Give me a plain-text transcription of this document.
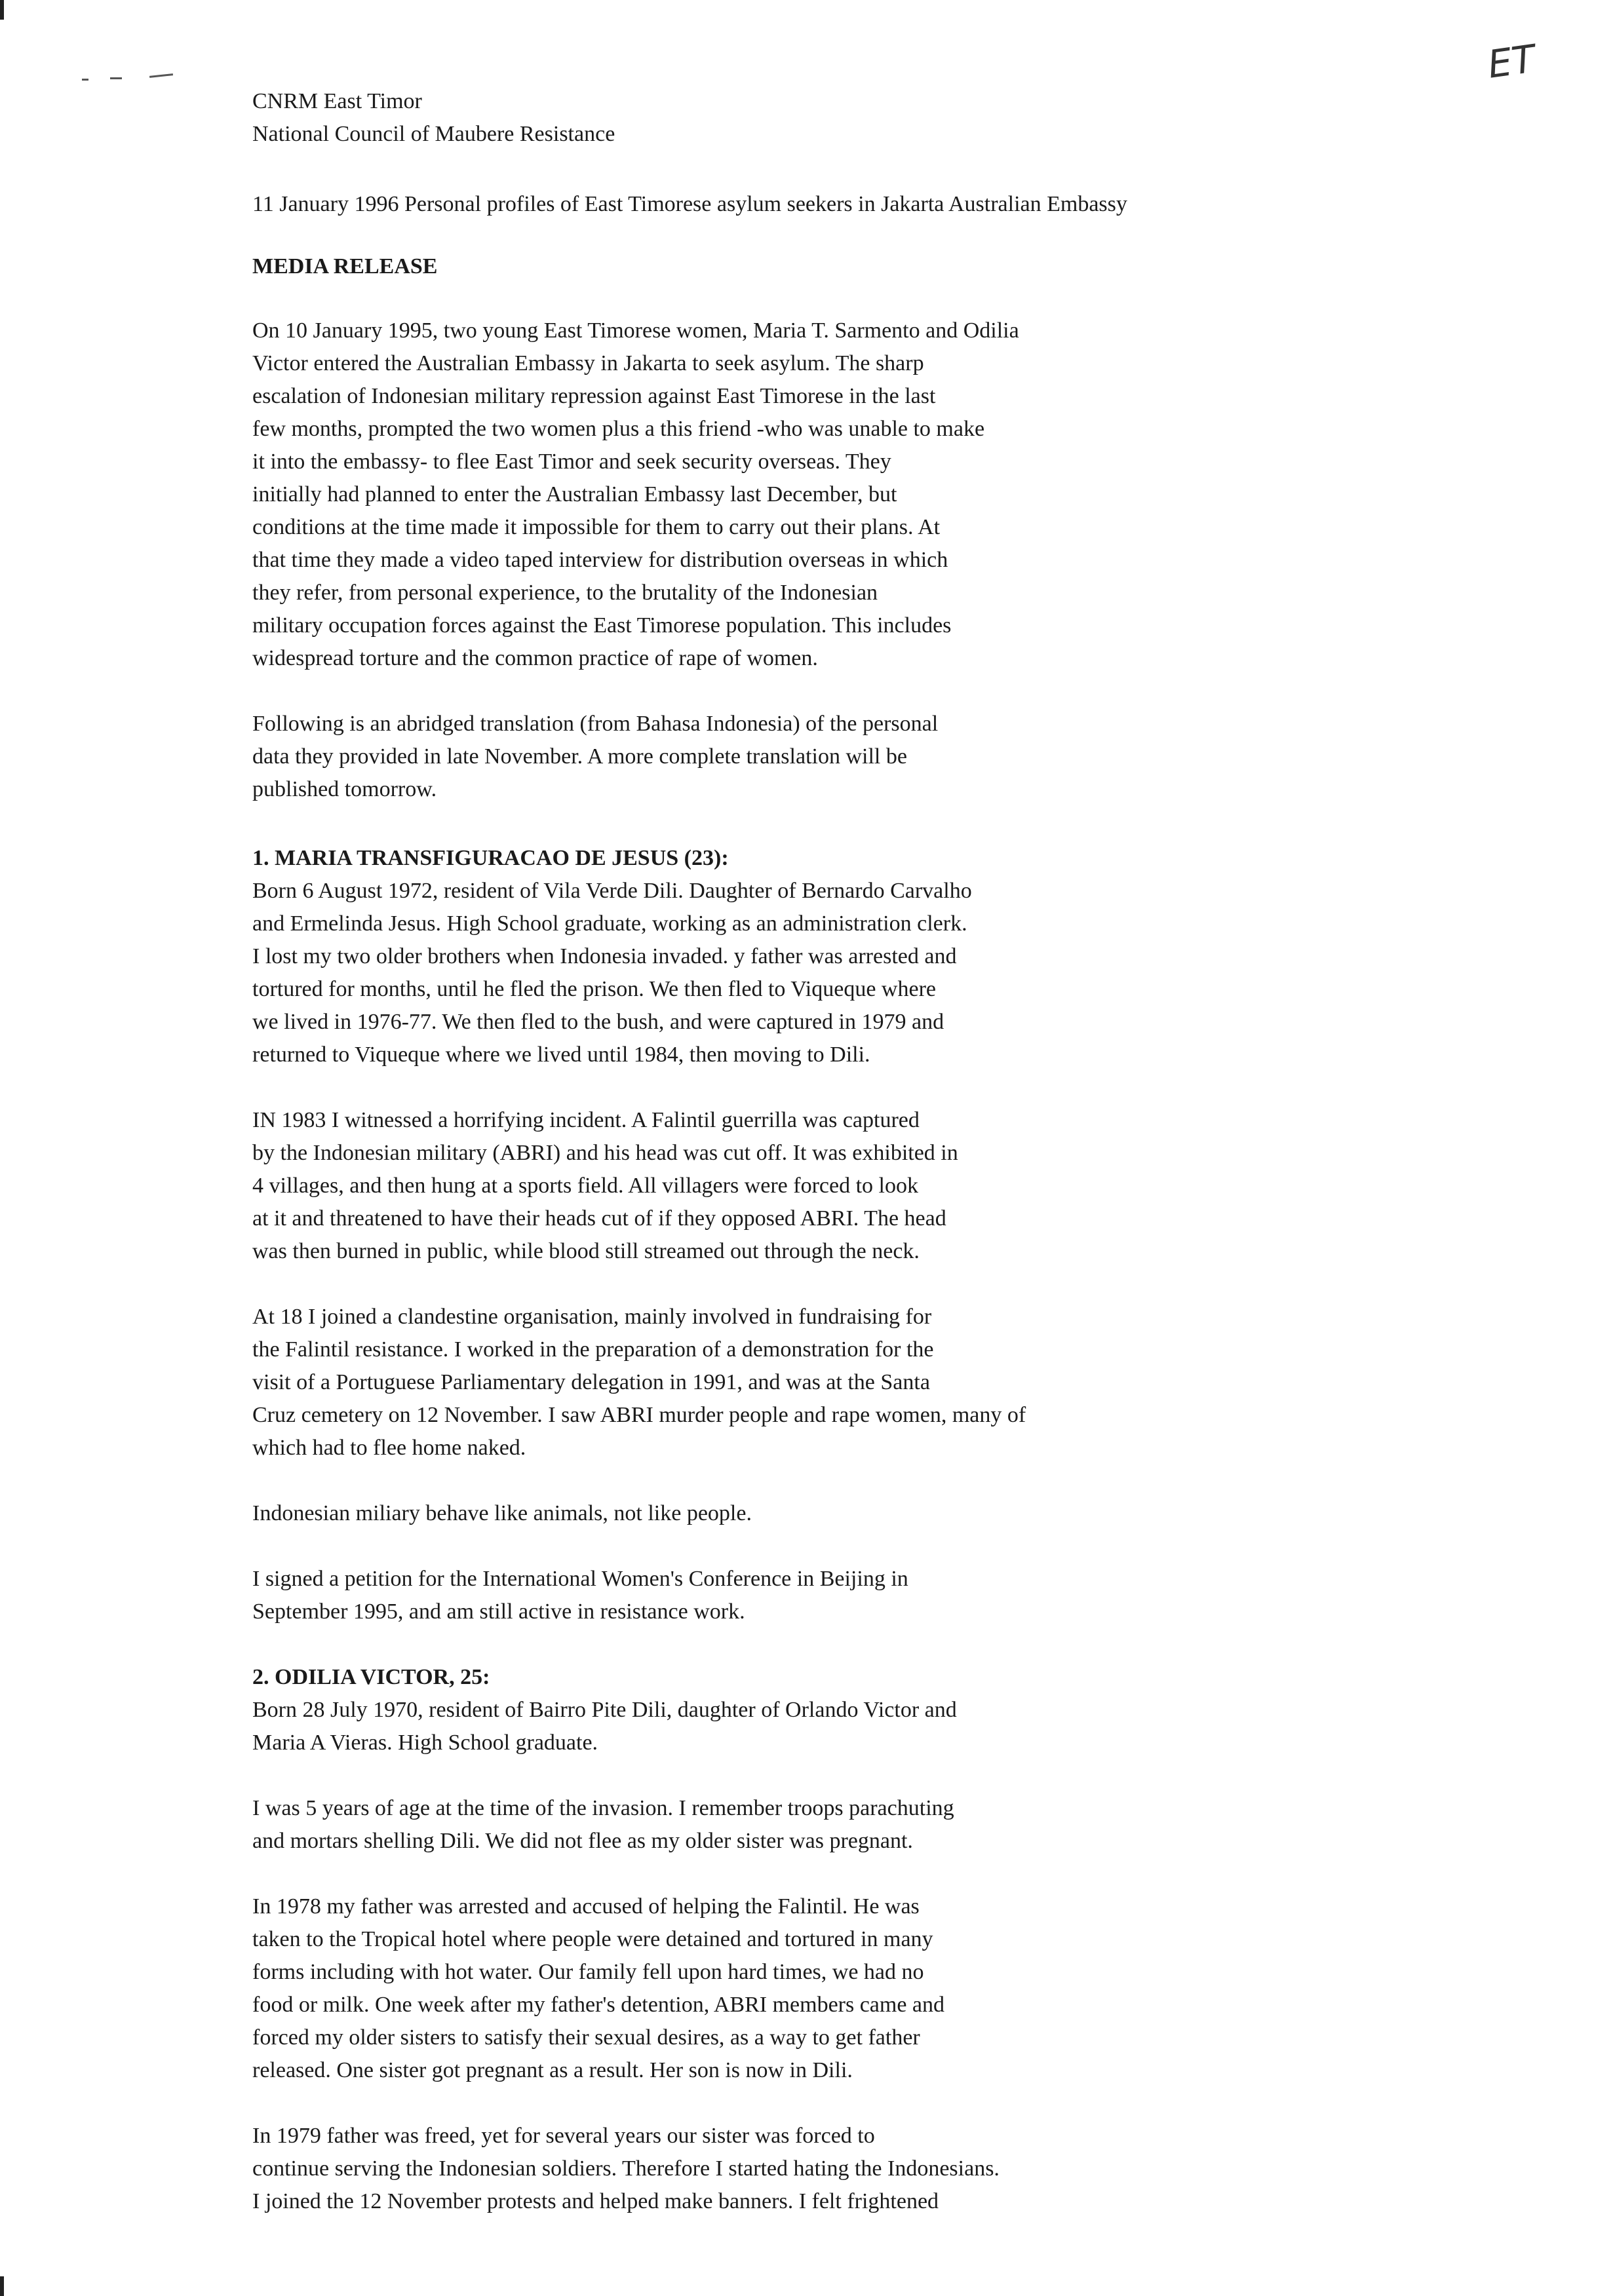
ET

CNRM East Timor

National Council of Maubere Resistance

11 January 1996 Personal profiles of East Timorese asylum seekers in Jakarta Australian Embassy

MEDIA RELEASE

On 10 January 1995, two young East Timorese women, Maria T. Sarmento and Odilia

Victor entered the Australian Embassy in Jakarta to seek asylum. The sharp

escalation of Indonesian military repression against East Timorese in the last

few months, prompted the two women plus a this friend -who was unable to make

it into the embassy- to flee East Timor and seek security overseas. They

initially had planned to enter the Australian Embassy last December, but

conditions at the time made it impossible for them to carry out their plans. At

that time they made a video taped interview for distribution overseas in which

they refer, from personal experience, to the brutality of the Indonesian

military occupation forces against the East Timorese population. This includes

widespread torture and the common practice of rape of women.

Following is an abridged translation (from Bahasa Indonesia) of the personal

data they provided in late November. A more complete translation will be

published tomorrow.

1. MARIA TRANSFIGURACAO DE JESUS (23):

Born 6 August 1972, resident of Vila Verde Dili. Daughter of Bernardo Carvalho

and Ermelinda Jesus. High School graduate, working as an administration clerk.

I lost my two older brothers when Indonesia invaded. y father was arrested and

tortured for months, until he fled the prison. We then fled to Viqueque where

we lived in 1976-77. We then fled to the bush, and were captured in 1979 and

returned to Viqueque where we lived until 1984, then moving to Dili.

IN 1983 I witnessed a horrifying incident. A Falintil guerrilla was captured

by the Indonesian military (ABRI) and his head was cut off. It was exhibited in

4 villages, and then hung at a sports field. All villagers were forced to look

at it and threatened to have their heads cut of if they opposed ABRI. The head

was then burned in public, while blood still streamed out through the neck.

At 18 I joined a clandestine organisation, mainly involved in fundraising for

the Falintil resistance. I worked in the preparation of a demonstration for the

visit of a Portuguese Parliamentary delegation in 1991, and was at the Santa

Cruz cemetery on 12 November. I saw ABRI murder people and rape women, many of

which had to flee home naked.

Indonesian miliary behave like animals, not like people.

I signed a petition for the International Women's Conference in Beijing in

September 1995, and am still active in resistance work.

2. ODILIA VICTOR, 25:

Born 28 July 1970, resident of Bairro Pite Dili, daughter of Orlando Victor and

Maria A Vieras. High School graduate.

I was 5 years of age at the time of the invasion. I remember troops parachuting

and mortars shelling Dili. We did not flee as my older sister was pregnant.

In 1978 my father was arrested and accused of helping the Falintil. He was

taken to the Tropical hotel where people were detained and tortured in many

forms including with hot water. Our family fell upon hard times, we had no

food or milk. One week after my father's detention, ABRI members came and

forced my older sisters to satisfy their sexual desires, as a way to get father

released. One sister got pregnant as a result. Her son is now in Dili.

In 1979 father was freed, yet for several years our sister was forced to

continue serving the Indonesian soldiers. Therefore I started hating the Indonesians.

I joined the 12 November protests and helped make banners. I felt frightened
